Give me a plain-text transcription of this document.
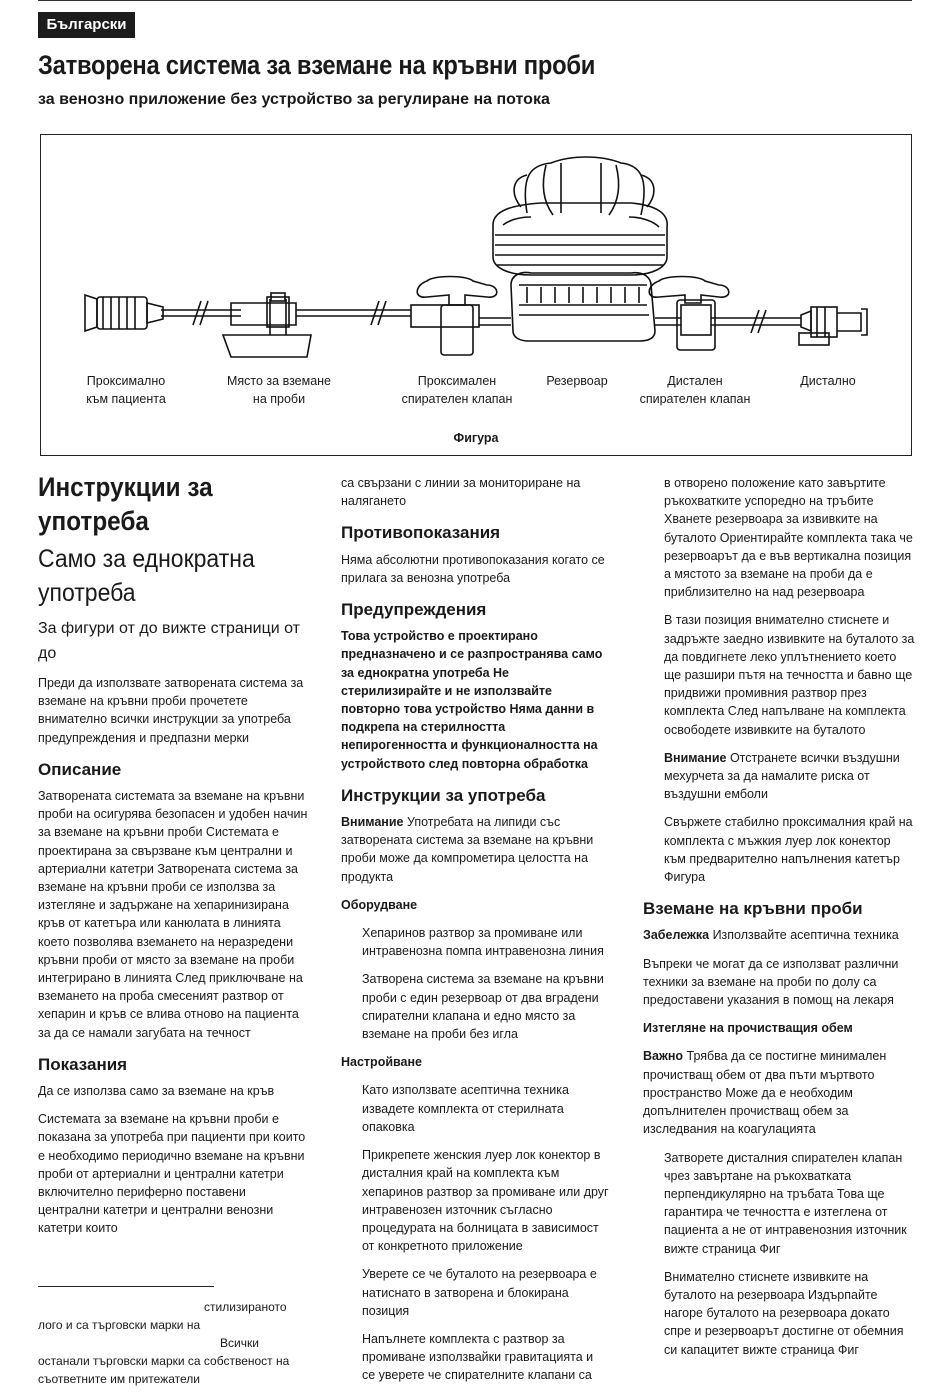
Български
Затворена система за вземане на кръвни проби
за венозно приложение без устройство за регулиране на потока
Проксимално
към пациента
Място за вземане
на проби
Проксимален
спирателен клапан
Резервоар	Дистален
спирателен клапан
Дистално
Фигура
Инструкции за употреба
Само за еднократна употреба
За фигури от до вижте страници от до

Преди да използвате затворената система за вземане на кръвни проби прочетете внимателно всички инструкции за употреба предупреждения и предпазни мерки

Описание

Затворената системата за вземане на кръвни проби на осигурява безопасен и удобен начин за вземане на кръвни проби Системата е проектирана за свързване към централни и артериални катетри Затворената система за вземане на кръвни проби се използва за изтегляне и задържане на хепаринизирана кръв от катетъра или канюлата в линията което позволява вземането на неразредени кръвни проби от място за вземане на проби интегрирано в линията След приключване на вземането на проба смесеният разтвор от хепарин и кръв се влива отново на пациента за да се намали загубата на течност

Показания

Да се използва само за вземане на кръв

Системата за вземане на кръвни проби е показана за употреба при пациенти при които е необходимо периодично вземане на кръвни проби от артериални и централни катетри включително периферно поставени централни катетри и централни венозни катетри които

стилизираното
лого и са търговски марки на
Всички
останали търговски марки са собственост на съответните им притежатели

са свързани с линии за мониториране на налягането

Противопоказания

Няма абсолютни противопоказания когато се прилага за венозна употреба

Предупреждения

Това устройство е проектирано предназначено и се разпространява само за еднократна употреба Не стерилизирайте и не използвайте повторно това устройство Няма данни в подкрепа на стерилността непирогенността и функционалността на устройството след повторна обработка

Инструкции за употреба

Внимание Употребата на липиди със затворената система за вземане на кръвни проби може да компрометира целостта на продукта

Оборудване

Хепаринов разтвор за промиване или интравенозна помпа интравенозна линия

Затворена система за вземане на кръвни проби с един резервоар от два вградени спирателни клапана и едно място за вземане на проби без игла

Настройване

Като използвате асептична техника извадете комплекта от стерилната опаковка

Прикрепете женския луер лок конектор в дисталния край на комплекта към хепаринов разтвор за промиване или друг интравенозен източник съгласно процедурата на болницата в зависимост от конкретното приложение

Уверете се че буталото на резервоара е натиснато в затворена и блокирана позиция

Напълнете комплекта с разтвор за промиване използвайки гравитацията и се уверете че спирателните клапани са

в отворено положение като завъртите ръкохватките успоредно на тръбите Хванете резервоара за извивките на буталото Ориентирайте комплекта така че резервоарът да е във вертикална позиция а мястото за вземане на проби да е приблизително на над резервоара

В тази позиция внимателно стиснете и задръжте заедно извивките на буталото за да повдигнете леко уплътнението което ще разшири пътя на течността и бавно ще придвижи промивния разтвор през комплекта След напълване на комплекта освободете извивките на буталото

Внимание Отстранете всички въздушни мехурчета за да намалите риска от въздушни емболи

Свържете стабилно проксималния край на комплекта с мъжкия луер лок конектор към предварително напълнения катетър Фигура

Вземане на кръвни проби

Забележка Използвайте асептична техника

Въпреки че могат да се използват различни техники за вземане на проби по долу са предоставени указания в помощ на лекаря

Изтегляне на прочистващия обем

Важно Трябва да се постигне минимален прочистващ обем от два пъти мъртвото пространство Може да е необходим допълнителен прочистващ обем за изследвания на коагулацията

Затворете дисталния спирателен клапан чрез завъртане на ръкохватката перпендикулярно на тръбата Това ще гарантира че течността е изтеглена от пациента а не от интравенозния източник вижте страница Фиг

Внимателно стиснете извивките на буталото на резервоара Издърпайте нагоре буталото на резервоара докато спре и резервоарът достигне от обемния си капацитет вижте страница Фиг
